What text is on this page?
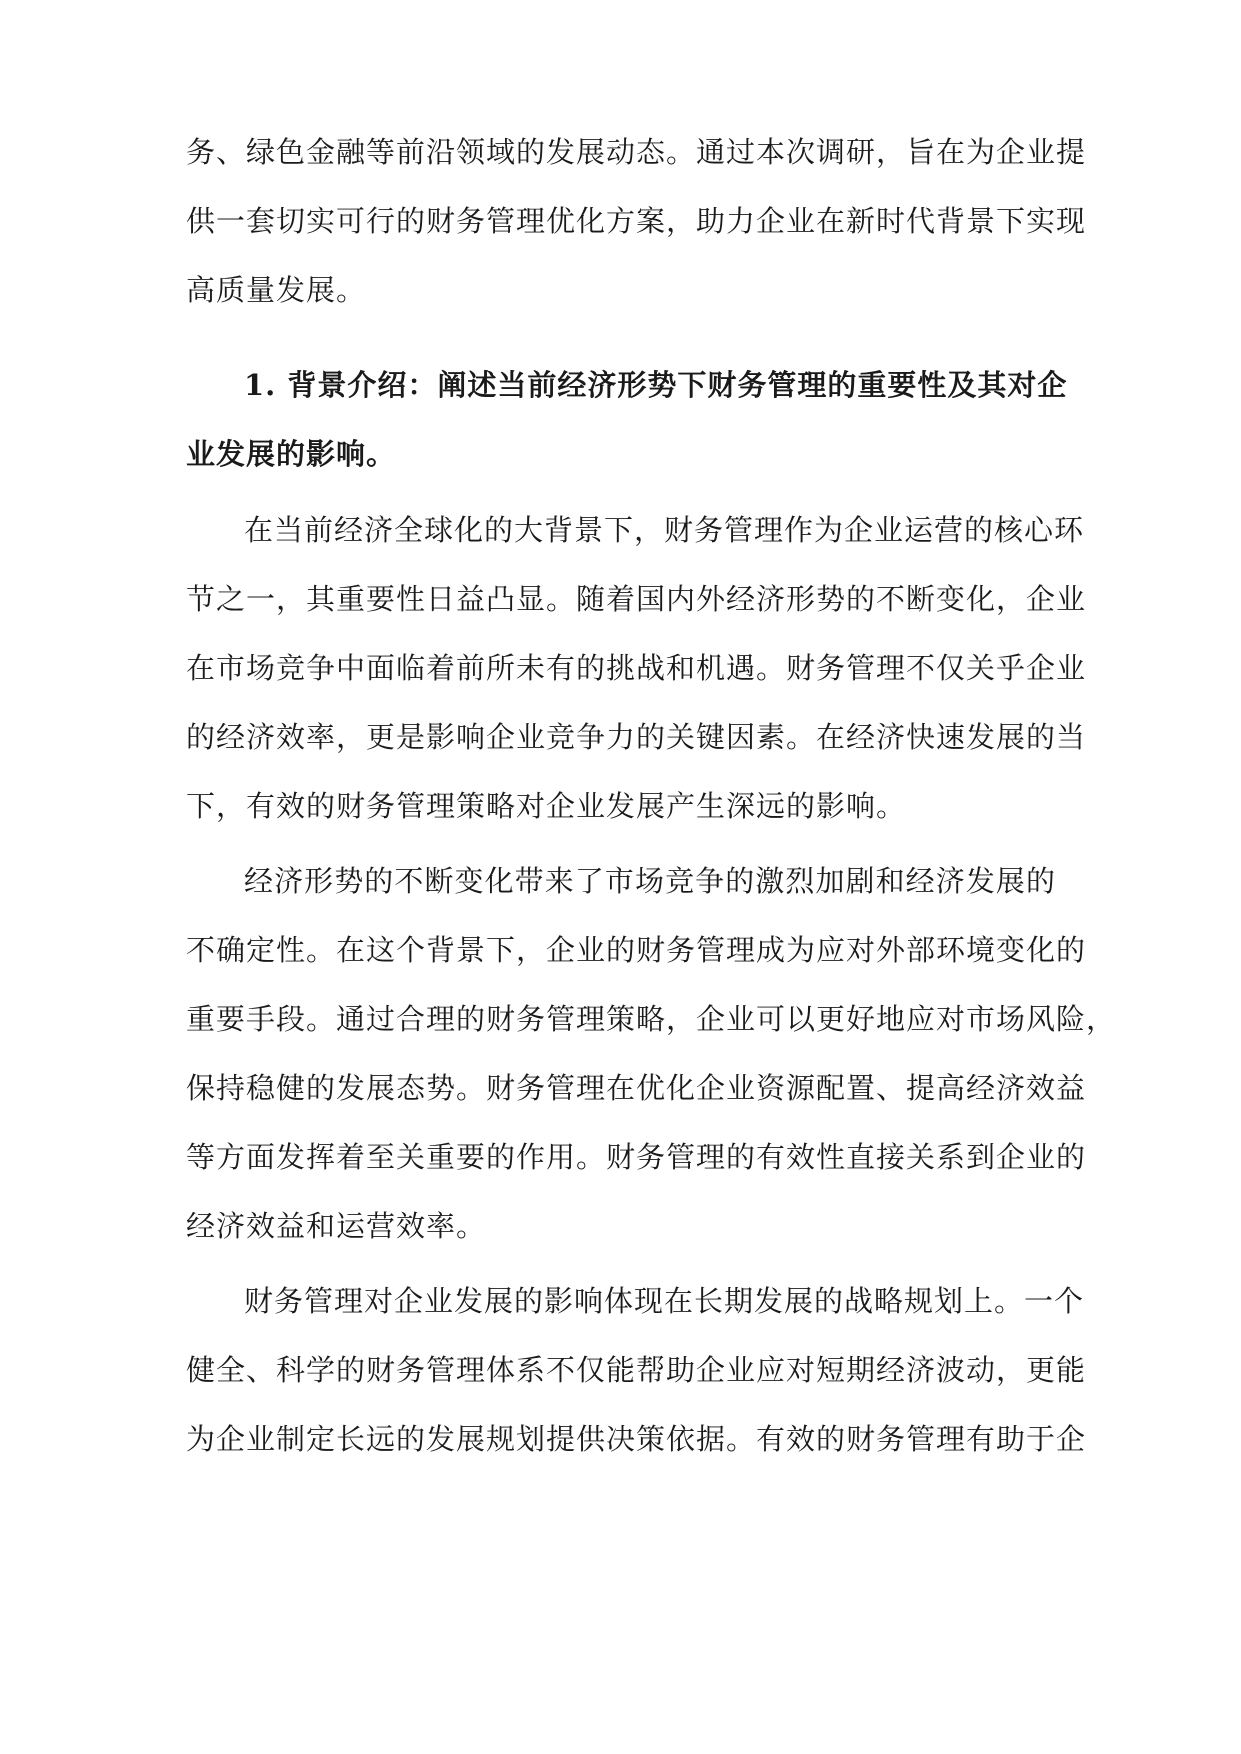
务、绿色金融等前沿领域的发展动态。通过本次调研，旨在为企业提
供一套切实可行的财务管理优化方案，助力企业在新时代背景下实现
高质量发展。
1. 背景介绍：阐述当前经济形势下财务管理的重要性及其对企
业发展的影响。
在当前经济全球化的大背景下，财务管理作为企业运营的核心环
节之一，其重要性日益凸显。随着国内外经济形势的不断变化，企业
在市场竞争中面临着前所未有的挑战和机遇。财务管理不仅关乎企业
的经济效率，更是影响企业竞争力的关键因素。在经济快速发展的当
下，有效的财务管理策略对企业发展产生深远的影响。
经济形势的不断变化带来了市场竞争的激烈加剧和经济发展的
不确定性。在这个背景下，企业的财务管理成为应对外部环境变化的
重要手段。通过合理的财务管理策略，企业可以更好地应对市场风险，
保持稳健的发展态势。财务管理在优化企业资源配置、提高经济效益
等方面发挥着至关重要的作用。财务管理的有效性直接关系到企业的
经济效益和运营效率。
财务管理对企业发展的影响体现在长期发展的战略规划上。一个
健全、科学的财务管理体系不仅能帮助企业应对短期经济波动，更能
为企业制定长远的发展规划提供决策依据。有效的财务管理有助于企
